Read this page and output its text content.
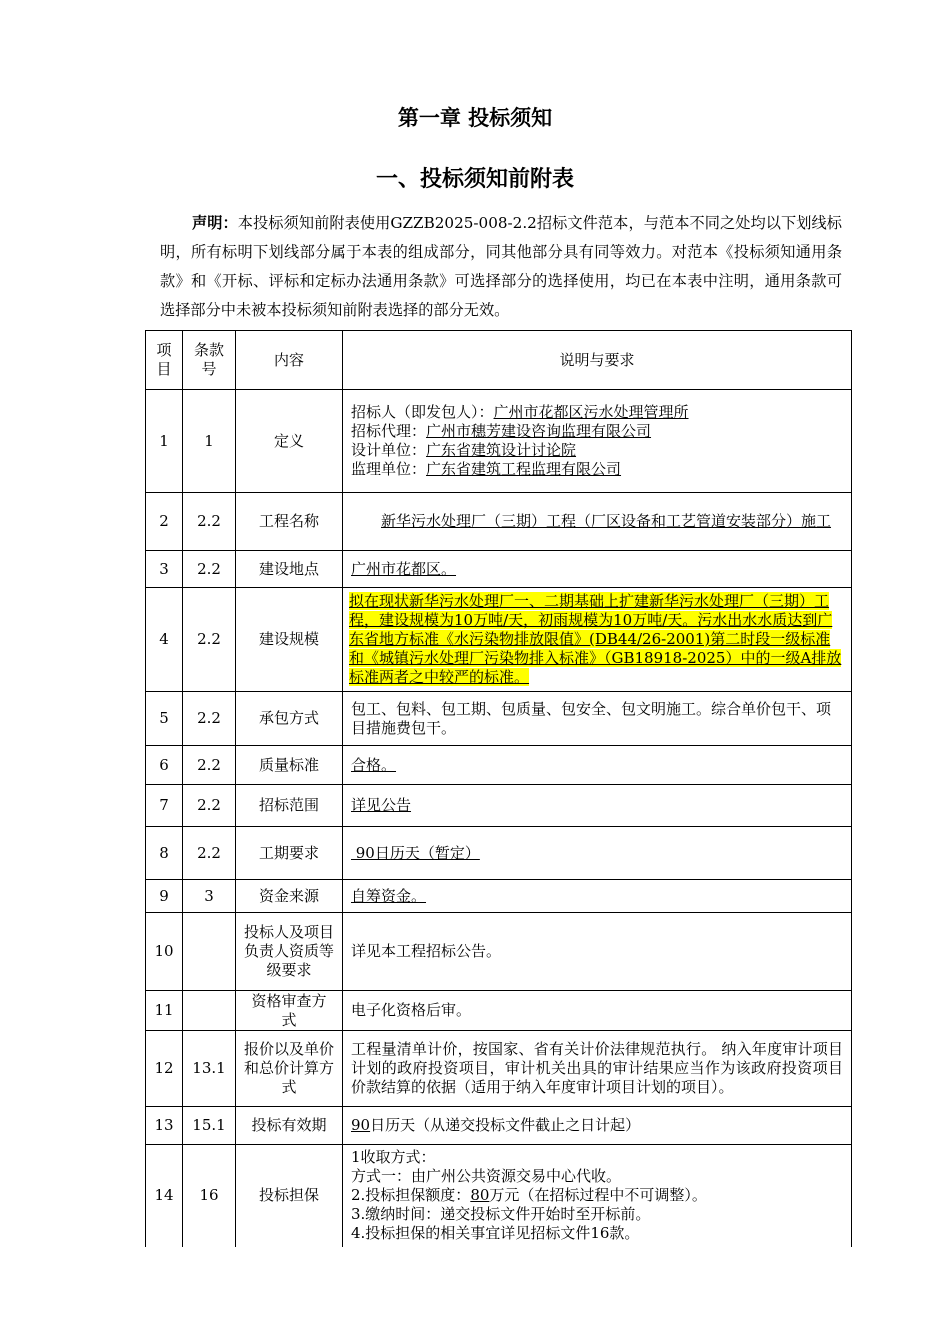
第一章 投标须知
一、投标须知前附表

声明：本投标须知前附表使用GZZB2025-008-2.2招标文件范本，与范本不同之处均以下划线标明，所有标明下划线部分属于本表的组成部分，同其他部分具有同等效力。对范本《投标须知通用条款》和《开标、评标和定标办法通用条款》可选择部分的选择使用，均已在本表中注明，通用条款可选择部分中未被本投标须知前附表选择的部分无效。

项目	条款号	内容	说明与要求
1	1	定义	招标人（即发包人）：广州市花都区污水处理管理所
招标代理：广州市穗芳建设咨询监理有限公司
设计单位：广东省建筑设计讨论院
监理单位：广东省建筑工程监理有限公司

2	2.2	工程名称	新华污水处理厂（三期）工程（厂区设备和工艺管道安装部分）施工

3	2.2	建设地点	广州市花都区。
4	2.2	建设规模	拟在现状新华污水处理厂一、二期基础上扩建新华污水处理厂（三期）工程，建设规模为10万吨/天，初雨规模为10万吨/天。污水出水水质达到广东省地方标准《水污染物排放限值》(DB44/26-2001)第二时段一级标准和《城镇污水处理厂污染物排入标准》（GB18918-2025）中的一级A排放标准两者之中较严的标准。
5	2.2	承包方式	包工、包料、包工期、包质量、包安全、包文明施工。综合单价包干、项目措施费包干。
6	2.2	质量标准	合格。
7	2.2	招标范围	详见公告
8	2.2	工期要求	90日历天（暂定）
9	3	资金来源	自筹资金。
10		投标人及项目负责人资质等级要求	详见本工程招标公告。
11		资格审查方式	电子化资格后审。
12	13.1	报价以及单价和总价计算方式	工程量清单计价，按国家、省有关计价法律规范执行。 纳入年度审计项目计划的政府投资项目，审计机关出具的审计结果应当作为该政府投资项目价款结算的依据（适用于纳入年度审计项目计划的项目）。
13	15.1	投标有效期	90日历天（从递交投标文件截止之日计起）
14	16	投标担保	1收取方式：
方式一：由广州公共资源交易中心代收。
2.投标担保额度：80万元（在招标过程中不可调整）。
3.缴纳时间：递交投标文件开始时至开标前。
4.投标担保的相关事宜详见招标文件16款。
